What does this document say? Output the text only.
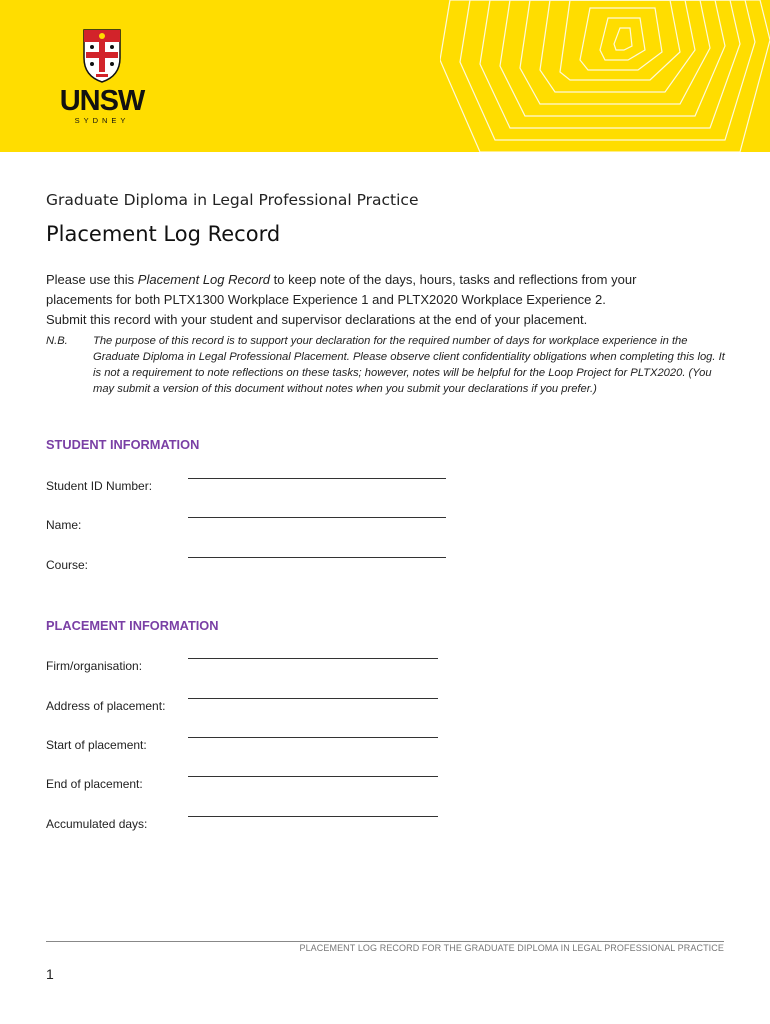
UNSW
SYDNEY
Graduate Diploma in Legal Professional Practice
Placement Log Record

Please use this Placement Log Record to keep note of the days, hours, tasks and reflections from your

placements for both PLTX1300 Workplace Experience 1 and PLTX2020 Workplace Experience 2.

Submit this record with your student and supervisor declarations at the end of your placement.

N.B. The purpose of this record is to support your declaration for the required number of days for workplace experience in the Graduate Diploma in Legal Professional Placement. Please observe client confidentiality obligations when completing this log. It is not a requirement to note reflections on these tasks; however, notes will be helpful for the Loop Project for PLTX2020. (You may submit a version of this document without notes when you submit your declarations if you prefer.)
STUDENT INFORMATION
Student ID Number:
Name:
Course:
PLACEMENT INFORMATION
Firm/organisation:
Address of placement:
Start of placement:
End of placement:
Accumulated days:
PLACEMENT LOG RECORD FOR THE GRADUATE DIPLOMA IN LEGAL PROFESSIONAL PRACTICE
1
